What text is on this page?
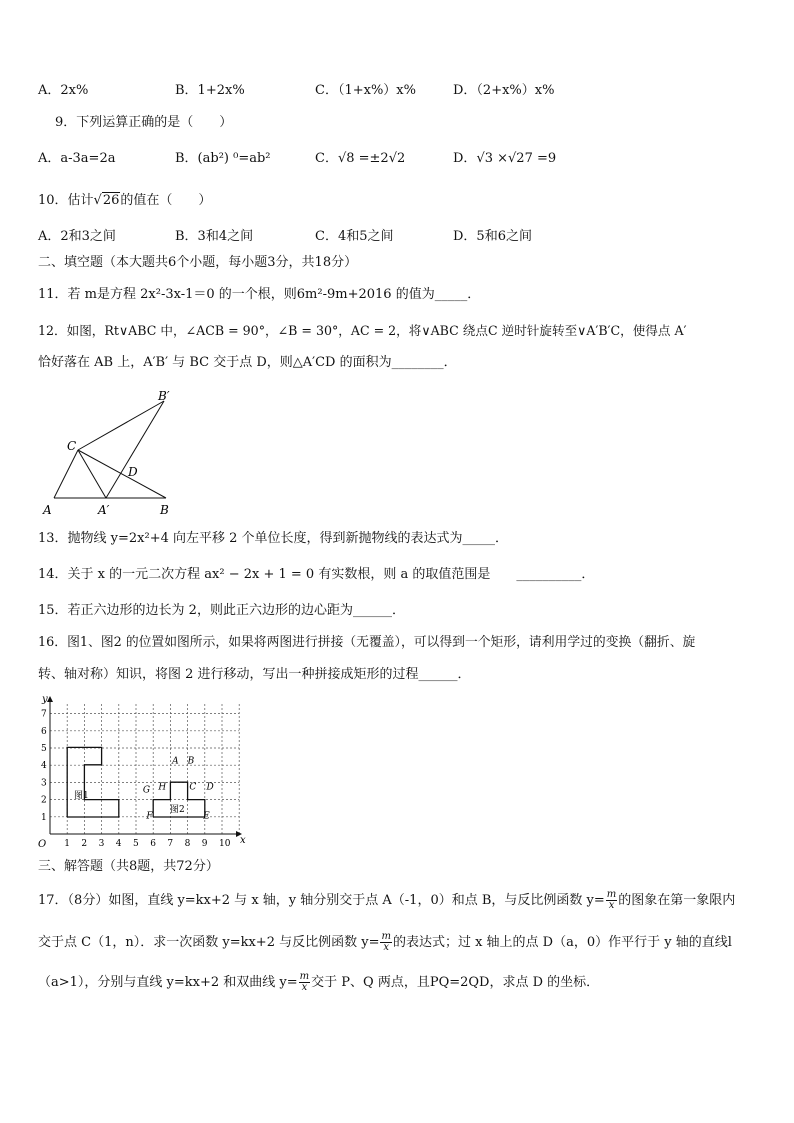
A．2x%	B．1+2x%	C．（1+x%）x%	D．（2+x%）x%
9．下列运算正确的是（　　）
A．a-3a=2a	B．(ab²) ⁰=ab²	C．√8 =±2√2	D．√3 ×√27 =9
10．估计√26的值在（　　）
A．2和3之间	B．3和4之间	C．4和5之间	D．5和6之间
二、填空题（本大题共6个小题，每小题3分，共18分）
11．若 m是方程 2x²-3x-1＝0 的一个根，则6m²-9m+2016 的值为_____．
12．如图，Rt∨ABC 中，∠ACB = 90°，∠B = 30°，AC = 2，将∨ABC 绕点C 逆时针旋转至∨A′B′C，使得点 A′
恰好落在 AB 上，A′B′ 与 BC 交于点 D，则△A′CD 的面积为________．
A	A′	B
B′
C
D
13．抛物线 y=2x²+4 向左平移 2 个单位长度，得到新抛物线的表达式为_____．
14．关于 x 的一元二次方程 ax² − 2x + 1 = 0 有实数根，则 a 的取值范围是　　__________．
15．若正六边形的边长为 2，则此正六边形的边心距为______．
16．图1、图2 的位置如图所示，如果将两图进行拼接（无覆盖），可以得到一个矩形，请利用学过的变换（翻折、旋
转、轴对称）知识，将图 2 进行移动，写出一种拼接成矩形的过程______．
x
y
O 1 2 3 4 5 6 7 8 9 10
1
2
3
4
5
6
7
图1
图2
A B
C D
E
F
G H
三、解答题（共8题，共72分）
17．（8分）如图，直线 y=kx+2 与 x 轴，y 轴分别交于点 A（-1，0）和点 B，与反比例函数 $y= \frac{m}{x}$ 的图象在第一象限内
交于点 C（1，n）．求一次函数 y=kx+2 与反比例函数 $y= \frac{m}{x}$ 的表达式；过 x 轴上的点 D（a，0）作平行于 y 轴的直线l
（a>1），分别与直线 y=kx+2 和双曲线 $y= \frac{m}{x}$ 交于 P、Q 两点，且PQ=2QD，求点 D 的坐标．
